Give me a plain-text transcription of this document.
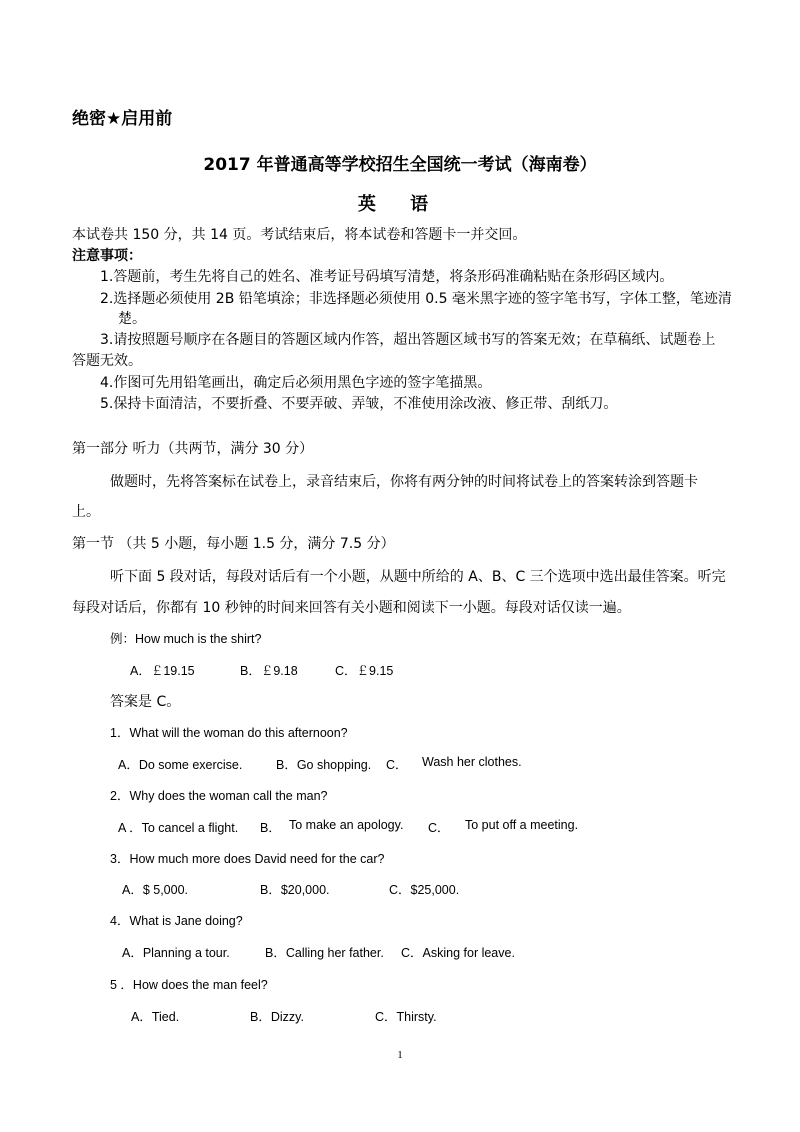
绝密★启用前
2017 年普通高等学校招生全国统一考试（海南卷）
英 语
本试卷共 150 分，共 14 页。考试结束后，将本试卷和答题卡一并交回。
注意事项：
1.答题前，考生先将自己的姓名、准考证号码填写清楚，将条形码准确粘贴在条形码区域内。
2.选择题必须使用 2B 铅笔填涂；非选择题必须使用 0.5 毫米黑字迹的签字笔书写，字体工整，笔迹清
楚。
3.请按照题号顺序在各题目的答题区域内作答，超出答题区域书写的答案无效；在草稿纸、试题卷上
答题无效。
4.作图可先用铅笔画出，确定后必须用黑色字迹的签字笔描黑。
5.保持卡面清洁，不要折叠、不要弄破、弄皱，不准使用涂改液、修正带、刮纸刀。
第一部分 听力（共两节，满分 30 分）
做题时，先将答案标在试卷上，录音结束后，你将有两分钟的时间将试卷上的答案转涂到答题卡
上。
第一节 （共 5 小题，每小题 1.5 分，满分 7.5 分）
听下面 5 段对话，每段对话后有一个小题，从题中所给的 A、B、C 三个选项中选出最佳答案。听完
每段对话后，你都有 10 秒钟的时间来回答有关小题和阅读下一小题。每段对话仅读一遍。
例：How much is the shirt?
A．￡19.15	B．￡9.18	C．￡9.15
答案是 C。
1．What will the woman do this afternoon?
A．Do some exercise.	B．Go shopping. C． Wash her clothes.
2．Why does the woman call the man?
A ．To cancel a flight. B． To make an apology. C． To put off a meeting.
3．How much more does David need for the car?
A．$ 5,000.	B．$20,000.	C．$25,000.
4．What is Jane doing?
A．Planning a tour.	B．Calling her father. C．Asking for leave.
5 ．How does the man feel?
A．Tied.	B．Dizzy.	C．Thirsty.
1
